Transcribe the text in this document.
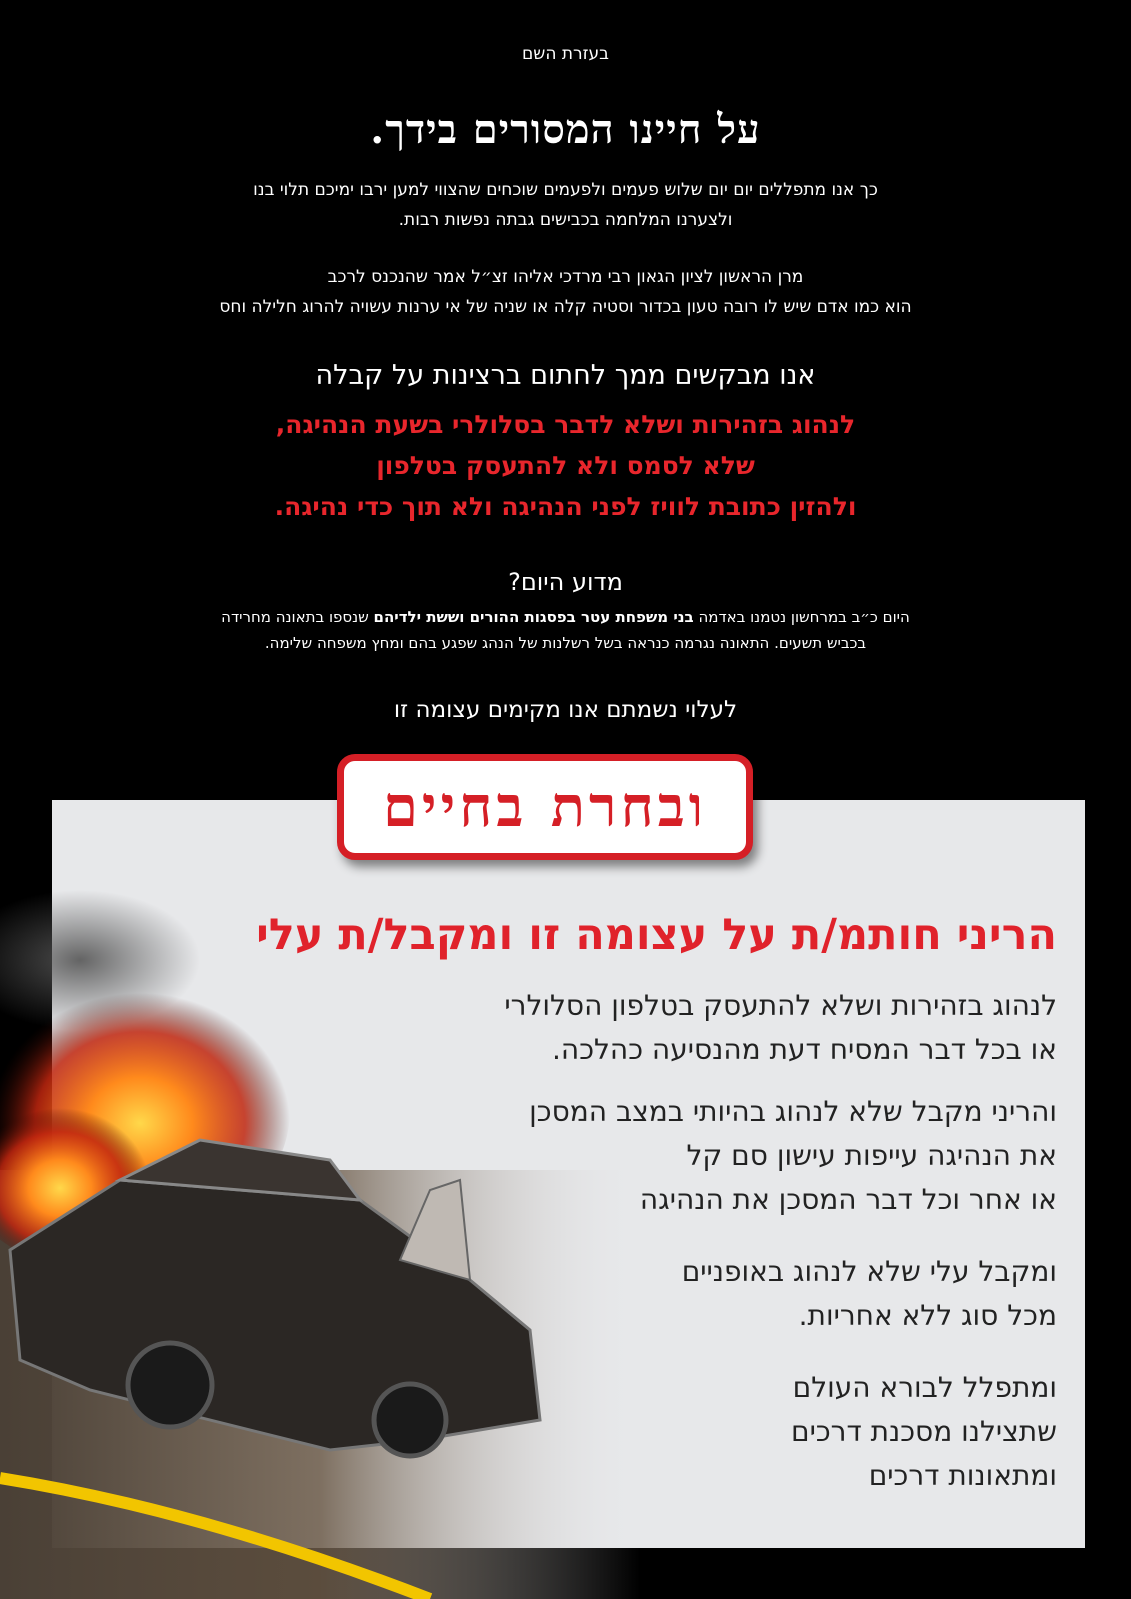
בעזרת השם
על חיינו המסורים בידך.
כך אנו מתפללים יום יום שלוש פעמים ולפעמים שוכחים שהצווי למען ירבו ימיכם תלוי בנו
ולצערנו המלחמה בכבישים גבתה נפשות רבות.
מרן הראשון לציון הגאון רבי מרדכי אליהו זצ״ל אמר שהנכנס לרכב
הוא כמו אדם שיש לו רובה טעון בכדור וסטיה קלה או שניה של אי ערנות עשויה להרוג חלילה וחס
אנו מבקשים ממך לחתום ברצינות על קבלה
לנהוג בזהירות ושלא לדבר בסלולרי בשעת הנהיגה,
שלא לסמס ולא להתעסק בטלפון
ולהזין כתובת לוויז לפני הנהיגה ולא תוך כדי נהיגה.
מדוע היום?
היום כ״ב במרחשון נטמנו באדמה בני משפחת עטר בפסגות ההורים וששת ילדיהם שנספו בתאונה מחרידה
בכביש תשעים. התאונה נגרמה כנראה בשל רשלנות של הנהג שפגע בהם ומחץ משפחה שלימה.
לעלוי נשמתם אנו מקימים עצומה זו
ובחרת בחיים
הריני חותמ/ת על עצומה זו ומקבל/ת עלי
לנהוג בזהירות ושלא להתעסק בטלפון הסלולרי
או בכל דבר המסיח דעת מהנסיעה כהלכה.
והריני מקבל שלא לנהוג בהיותי במצב המסכן
את הנהיגה עייפות עישון סם קל
או אחר וכל דבר המסכן את הנהיגה
ומקבל עלי שלא לנהוג באופניים
מכל סוג ללא אחריות.
ומתפלל לבורא העולם
שתצילנו מסכנת דרכים
ומתאונות דרכים
